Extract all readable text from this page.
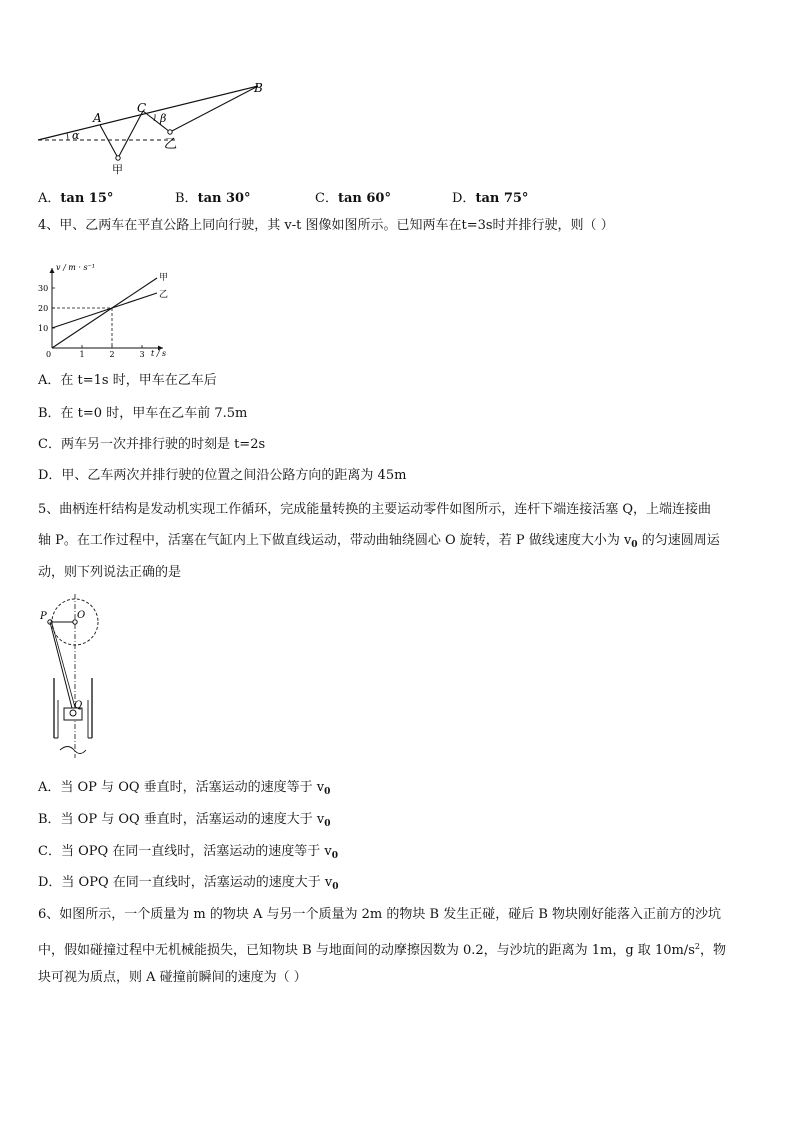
A
B
C
α
β
甲
乙
A．tan 15°	B．tan 30°	C．tan 60°	D．tan 75°
4、甲、乙两车在平直公路上同向行驶，其 v-t 图像如图所示。已知两车在t=3s时并排行驶，则（ ）
v / m · s⁻¹
t / s
0	1	2	3
10
20
30
甲
乙
A．在 t=1s 时，甲车在乙车后
B．在 t=0 时，甲车在乙车前 7.5m
C．两车另一次并排行驶的时刻是 t=2s
D．甲、乙车两次并排行驶的位置之间沿公路方向的距离为 45m
5、曲柄连杆结构是发动机实现工作循环，完成能量转换的主要运动零件如图所示，连杆下端连接活塞 Q，上端连接曲
轴 P。在工作过程中，活塞在气缸内上下做直线运动，带动曲轴绕圆心 O 旋转，若 P 做线速度大小为 $v_0$ 的匀速圆周运
动，则下列说法正确的是
P	O
Q
A．当 OP 与 OQ 垂直时，活塞运动的速度等于 $v_0$
B．当 OP 与 OQ 垂直时，活塞运动的速度大于 $v_0$
C．当 OPQ 在同一直线时，活塞运动的速度等于 $v_0$
D．当 OPQ 在同一直线时，活塞运动的速度大于 $v_0$
6、如图所示，一个质量为 m 的物块 A 与另一个质量为 2m 的物块 B 发生正碰，碰后 B 物块刚好能落入正前方的沙坑
中，假如碰撞过程中无机械能损失，已知物块 B 与地面间的动摩擦因数为 0.2，与沙坑的距离为 1m，g 取 $10m/s^2$，物
块可视为质点，则 A 碰撞前瞬间的速度为（ ）
